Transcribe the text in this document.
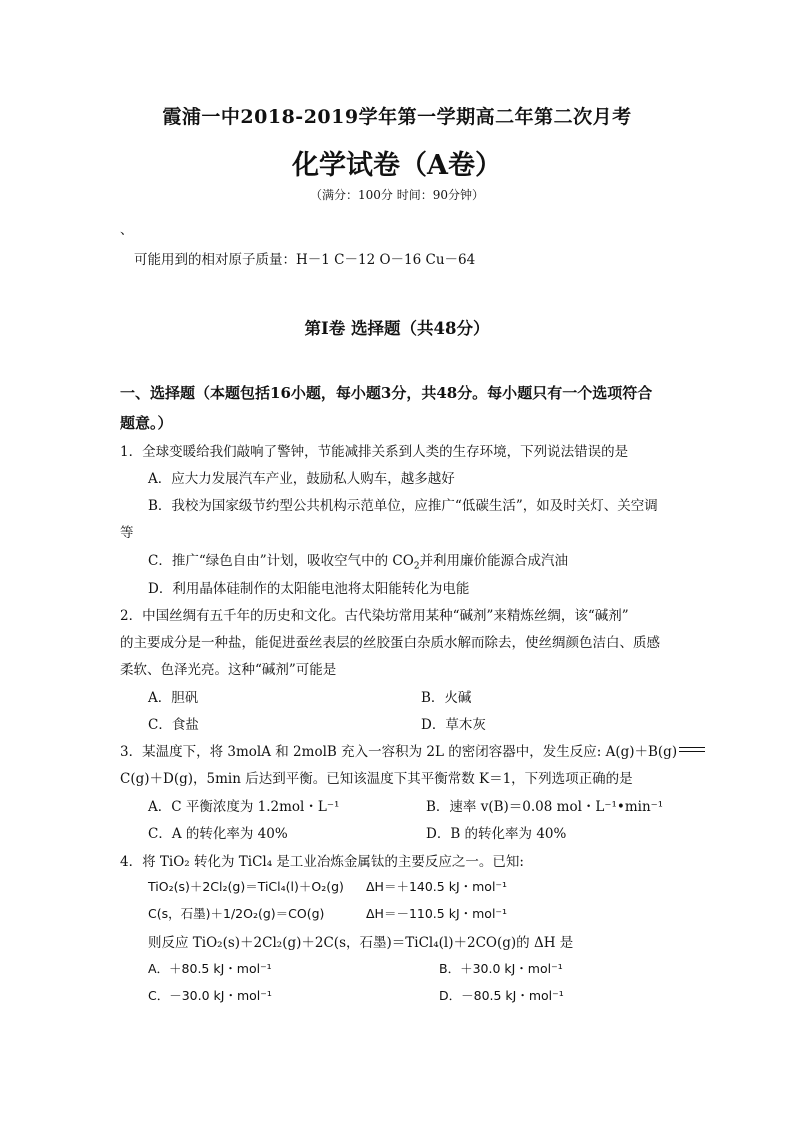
霞浦一中2018-2019学年第一学期高二年第二次月考
化学试卷（A卷）
（满分：100分 时间：90分钟）
、
可能用到的相对原子质量：H－1 C－12 O－16 Cu－64
第Ⅰ卷 选择题（共48分）
一、选择题（本题包括16小题，每小题3分，共48分。每小题只有一个选项符合
题意。）
1．全球变暖给我们敲响了警钟，节能减排关系到人类的生存环境，下列说法错误的是
A．应大力发展汽车产业，鼓励私人购车，越多越好
B．我校为国家级节约型公共机构示范单位，应推广“低碳生活”，如及时关灯、关空调
等
C．推广“绿色自由”计划，吸收空气中的 $CO_2$并利用廉价能源合成汽油
D．利用晶体硅制作的太阳能电池将太阳能转化为电能
2．中国丝绸有五千年的历史和文化。古代染坊常用某种“碱剂”来精炼丝绸，该“碱剂”
的主要成分是一种盐，能促进蚕丝表层的丝胶蛋白杂质水解而除去，使丝绸颜色洁白、质感
柔软、色泽光亮。这种“碱剂”可能是
A．胆矾	B．火碱
C．食盐	D．草木灰
3．某温度下，将 3molA 和 2molB 充入一容积为 2L 的密闭容器中，发生反应: A(g)＋B(g)
C(g)＋D(g)，5min 后达到平衡。已知该温度下其平衡常数 K＝1，下列选项正确的是
A．C 平衡浓度为 1.2mol・L⁻¹	B．速率 v(B)＝0.08 mol・L⁻¹•min⁻¹
C．A 的转化率为 40%	D．B 的转化率为 40%
4．将 TiO₂ 转化为 TiCl₄ 是工业冶炼金属钛的主要反应之一。已知:
TiO₂(s)＋2Cl₂(g)＝TiCl₄(l)＋O₂(g) ΔH＝＋140.5 kJ・mol⁻¹
C(s，石墨)＋1/2O₂(g)＝CO(g)	ΔH＝－110.5 kJ・mol⁻¹
则反应 TiO₂(s)＋2Cl₂(g)＋2C(s，石墨)＝TiCl₄(l)＋2CO(g)的 ΔH 是
A．＋80.5 kJ・mol⁻¹	B．＋30.0 kJ・mol⁻¹
C．－30.0 kJ・mol⁻¹	D．－80.5 kJ・mol⁻¹
